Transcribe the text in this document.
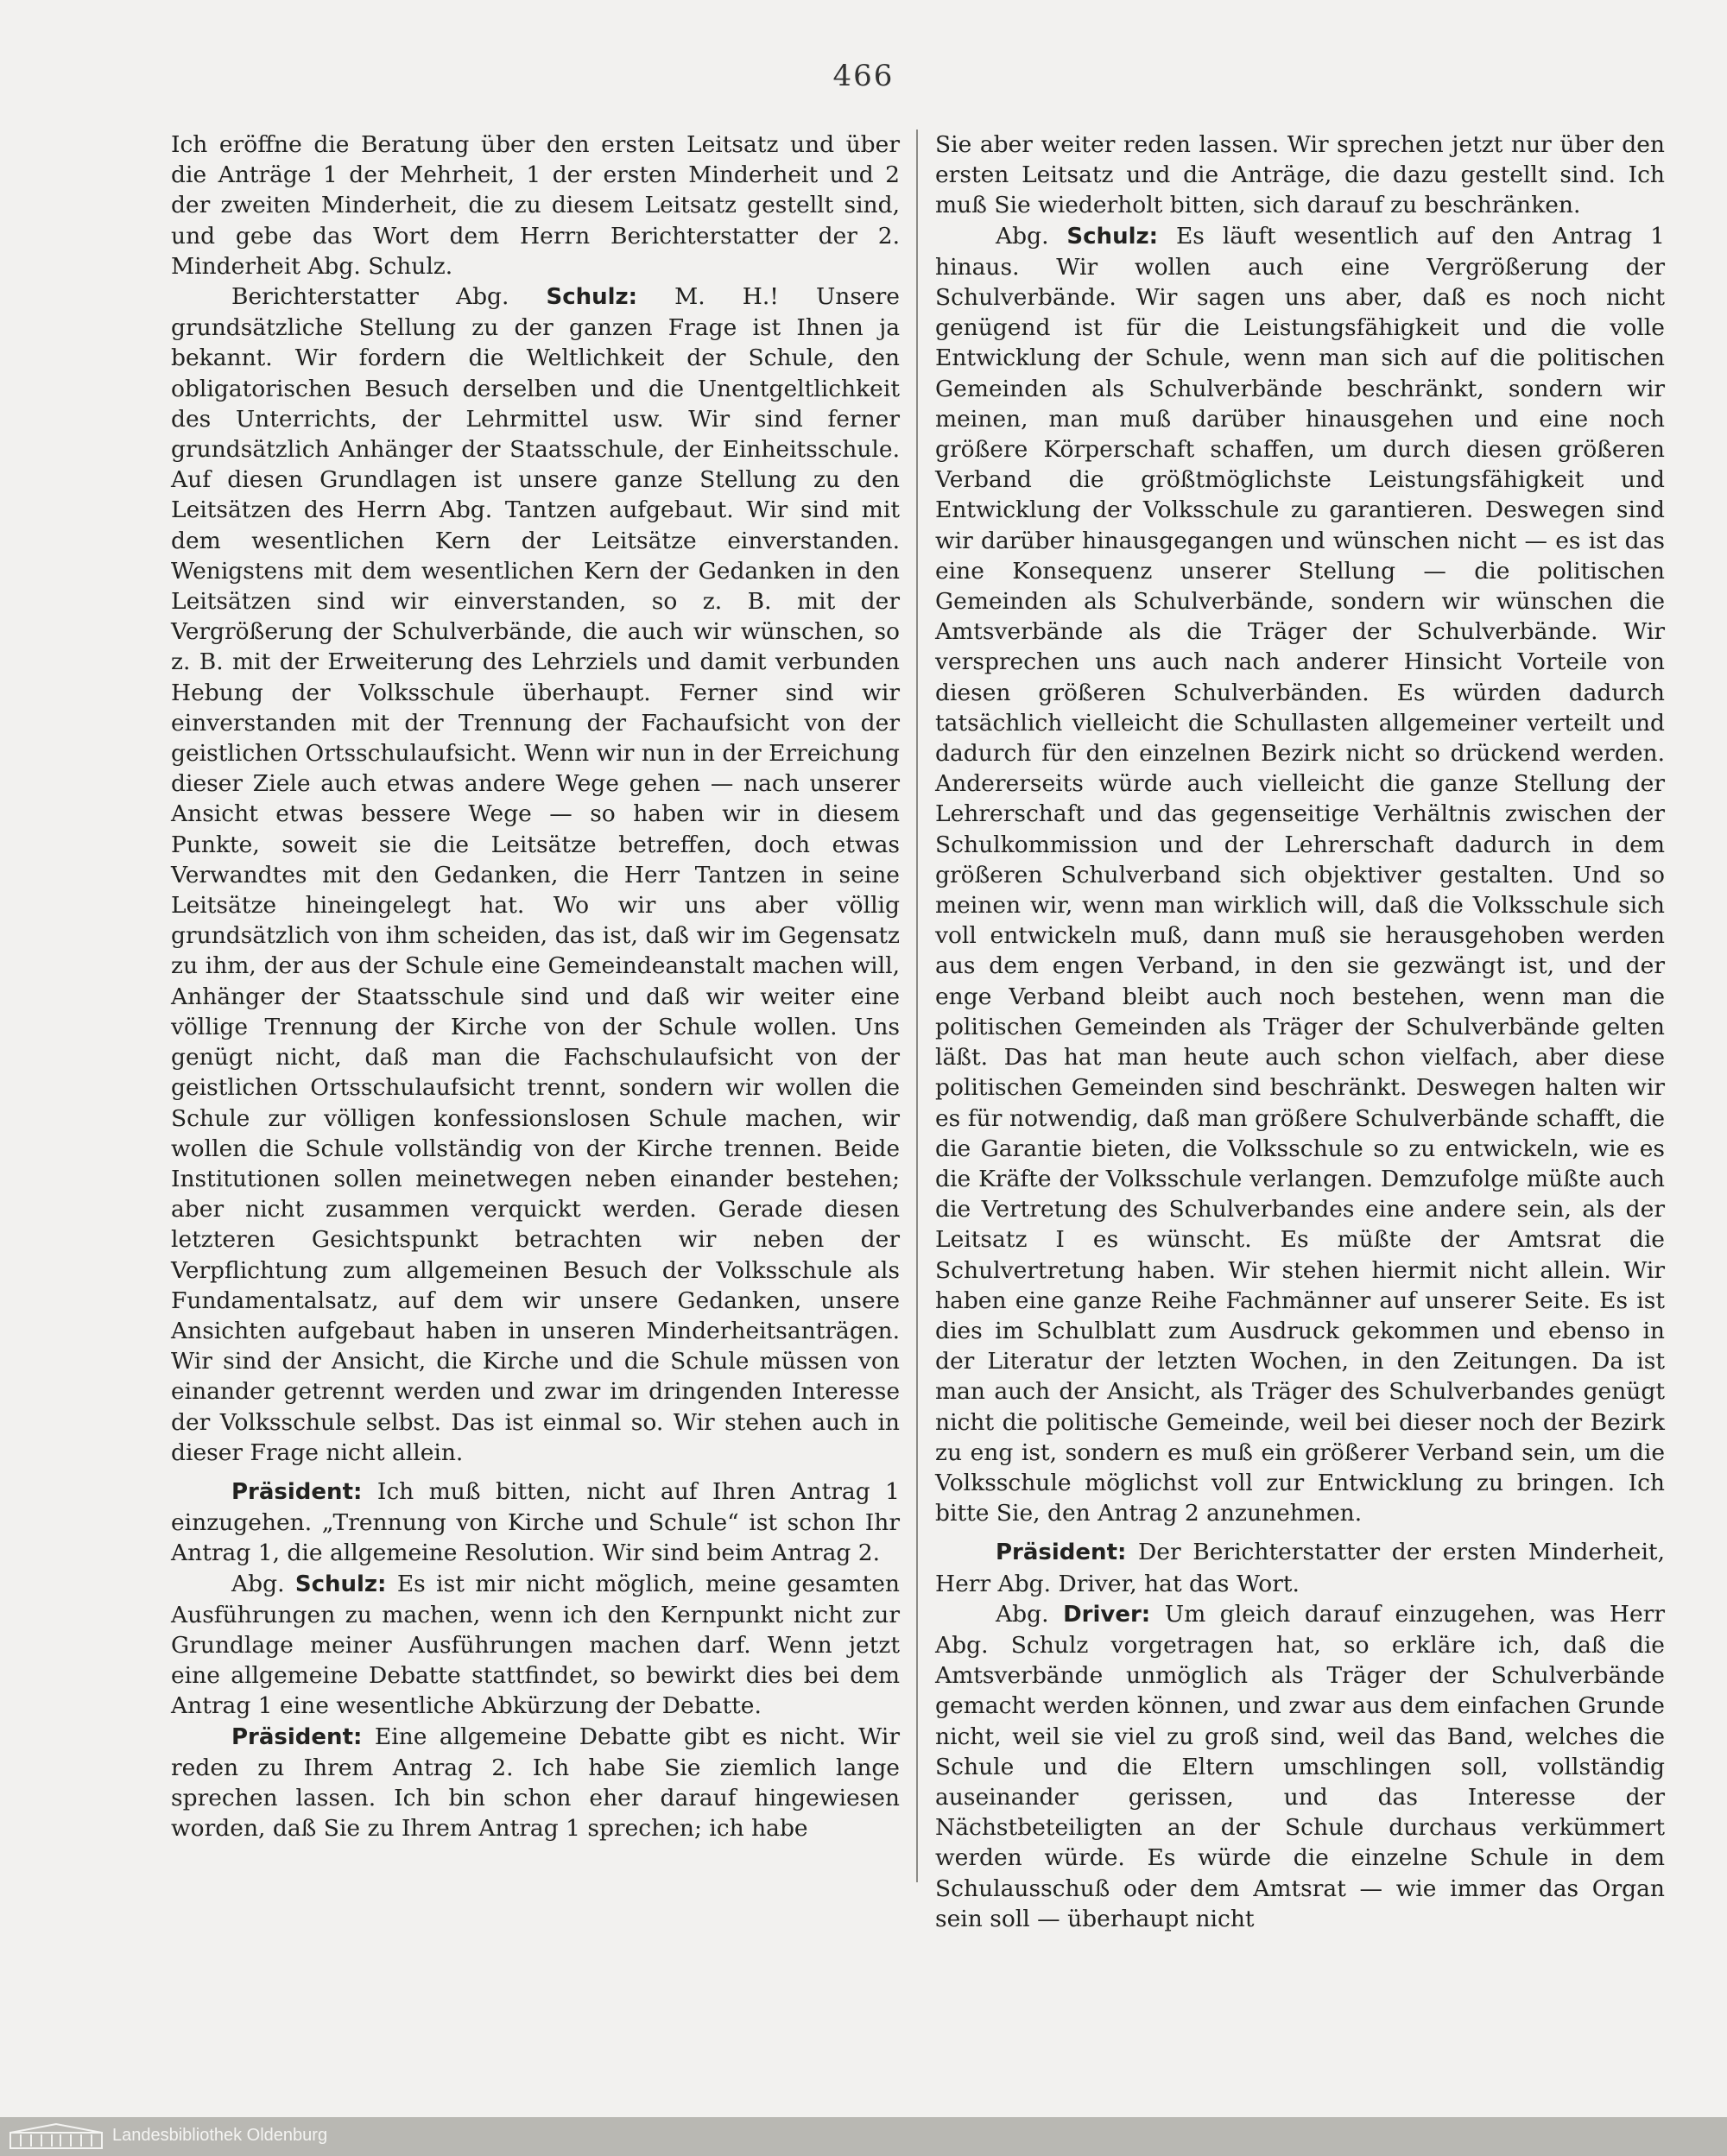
466

Ich eröffne die Beratung über den ersten Leitsatz und über die Anträge 1 der Mehrheit, 1 der ersten Minderheit und 2 der zweiten Minderheit, die zu diesem Leitsatz gestellt sind, und gebe das Wort dem Herrn Berichterstatter der 2. Minderheit Abg. Schulz.

Berichterstatter Abg. Schulz: M. H.! Unsere grundsätzliche Stellung zu der ganzen Frage ist Ihnen ja bekannt. Wir fordern die Weltlichkeit der Schule, den obligatorischen Besuch derselben und die Unentgeltlichkeit des Unterrichts, der Lehrmittel usw. Wir sind ferner grundsätzlich Anhänger der Staatsschule, der Einheitsschule. Auf diesen Grundlagen ist unsere ganze Stellung zu den Leitsätzen des Herrn Abg. Tantzen aufgebaut. Wir sind mit dem wesentlichen Kern der Leitsätze einverstanden. Wenigstens mit dem wesentlichen Kern der Gedanken in den Leitsätzen sind wir einverstanden, so z. B. mit der Vergrößerung der Schulverbände, die auch wir wünschen, so z. B. mit der Erweiterung des Lehrziels und damit verbunden Hebung der Volksschule überhaupt. Ferner sind wir einverstanden mit der Trennung der Fachaufsicht von der geistlichen Ortsschulaufsicht. Wenn wir nun in der Erreichung dieser Ziele auch etwas andere Wege gehen — nach unserer Ansicht etwas bessere Wege — so haben wir in diesem Punkte, soweit sie die Leitsätze betreffen, doch etwas Verwandtes mit den Gedanken, die Herr Tantzen in seine Leitsätze hineingelegt hat. Wo wir uns aber völlig grundsätzlich von ihm scheiden, das ist, daß wir im Gegensatz zu ihm, der aus der Schule eine Gemeindeanstalt machen will, Anhänger der Staatsschule sind und daß wir weiter eine völlige Trennung der Kirche von der Schule wollen. Uns genügt nicht, daß man die Fachschulaufsicht von der geistlichen Ortsschulaufsicht trennt, sondern wir wollen die Schule zur völligen konfessionslosen Schule machen, wir wollen die Schule vollständig von der Kirche trennen. Beide Institutionen sollen meinetwegen neben einander bestehen; aber nicht zusammen verquickt werden. Gerade diesen letzteren Gesichtspunkt betrachten wir neben der Verpflichtung zum allgemeinen Besuch der Volksschule als Fundamentalsatz, auf dem wir unsere Gedanken, unsere Ansichten aufgebaut haben in unseren Minderheitsanträgen. Wir sind der Ansicht, die Kirche und die Schule müssen von einander getrennt werden und zwar im dringenden Interesse der Volksschule selbst. Das ist einmal so. Wir stehen auch in dieser Frage nicht allein.

Präsident: Ich muß bitten, nicht auf Ihren Antrag 1 einzugehen. „Trennung von Kirche und Schule“ ist schon Ihr Antrag 1, die allgemeine Resolution. Wir sind beim Antrag 2.

Abg. Schulz: Es ist mir nicht möglich, meine gesamten Ausführungen zu machen, wenn ich den Kernpunkt nicht zur Grundlage meiner Ausführungen machen darf. Wenn jetzt eine allgemeine Debatte stattfindet, so bewirkt dies bei dem Antrag 1 eine wesentliche Abkürzung der Debatte.

Präsident: Eine allgemeine Debatte gibt es nicht. Wir reden zu Ihrem Antrag 2. Ich habe Sie ziemlich lange sprechen lassen. Ich bin schon eher darauf hingewiesen worden, daß Sie zu Ihrem Antrag 1 sprechen; ich habe

Sie aber weiter reden lassen. Wir sprechen jetzt nur über den ersten Leitsatz und die Anträge, die dazu gestellt sind. Ich muß Sie wiederholt bitten, sich darauf zu beschränken.

Abg. Schulz: Es läuft wesentlich auf den Antrag 1 hinaus. Wir wollen auch eine Vergrößerung der Schulverbände. Wir sagen uns aber, daß es noch nicht genügend ist für die Leistungsfähigkeit und die volle Entwicklung der Schule, wenn man sich auf die politischen Gemeinden als Schulverbände beschränkt, sondern wir meinen, man muß darüber hinausgehen und eine noch größere Körperschaft schaffen, um durch diesen größeren Verband die größtmöglichste Leistungsfähigkeit und Entwicklung der Volksschule zu garantieren. Deswegen sind wir darüber hinausgegangen und wünschen nicht — es ist das eine Konsequenz unserer Stellung — die politischen Gemeinden als Schulverbände, sondern wir wünschen die Amtsverbände als die Träger der Schulverbände. Wir versprechen uns auch nach anderer Hinsicht Vorteile von diesen größeren Schulverbänden. Es würden dadurch tatsächlich vielleicht die Schullasten allgemeiner verteilt und dadurch für den einzelnen Bezirk nicht so drückend werden. Andererseits würde auch vielleicht die ganze Stellung der Lehrerschaft und das gegenseitige Verhältnis zwischen der Schulkommission und der Lehrerschaft dadurch in dem größeren Schulverband sich objektiver gestalten. Und so meinen wir, wenn man wirklich will, daß die Volksschule sich voll entwickeln muß, dann muß sie herausgehoben werden aus dem engen Verband, in den sie gezwängt ist, und der enge Verband bleibt auch noch bestehen, wenn man die politischen Gemeinden als Träger der Schulverbände gelten läßt. Das hat man heute auch schon vielfach, aber diese politischen Gemeinden sind beschränkt. Deswegen halten wir es für notwendig, daß man größere Schulverbände schafft, die die Garantie bieten, die Volksschule so zu entwickeln, wie es die Kräfte der Volksschule verlangen. Demzufolge müßte auch die Vertretung des Schulverbandes eine andere sein, als der Leitsatz I es wünscht. Es müßte der Amtsrat die Schulvertretung haben. Wir stehen hiermit nicht allein. Wir haben eine ganze Reihe Fachmänner auf unserer Seite. Es ist dies im Schulblatt zum Ausdruck gekommen und ebenso in der Literatur der letzten Wochen, in den Zeitungen. Da ist man auch der Ansicht, als Träger des Schulverbandes genügt nicht die politische Gemeinde, weil bei dieser noch der Bezirk zu eng ist, sondern es muß ein größerer Verband sein, um die Volksschule möglichst voll zur Entwicklung zu bringen. Ich bitte Sie, den Antrag 2 anzunehmen.

Präsident: Der Berichterstatter der ersten Minderheit, Herr Abg. Driver, hat das Wort.

Abg. Driver: Um gleich darauf einzugehen, was Herr Abg. Schulz vorgetragen hat, so erkläre ich, daß die Amtsverbände unmöglich als Träger der Schulverbände gemacht werden können, und zwar aus dem einfachen Grunde nicht, weil sie viel zu groß sind, weil das Band, welches die Schule und die Eltern umschlingen soll, vollständig auseinander gerissen, und das Interesse der Nächstbeteiligten an der Schule durchaus verkümmert werden würde. Es würde die einzelne Schule in dem Schulausschuß oder dem Amtsrat — wie immer das Organ sein soll — überhaupt nicht

Landesbibliothek Oldenburg
